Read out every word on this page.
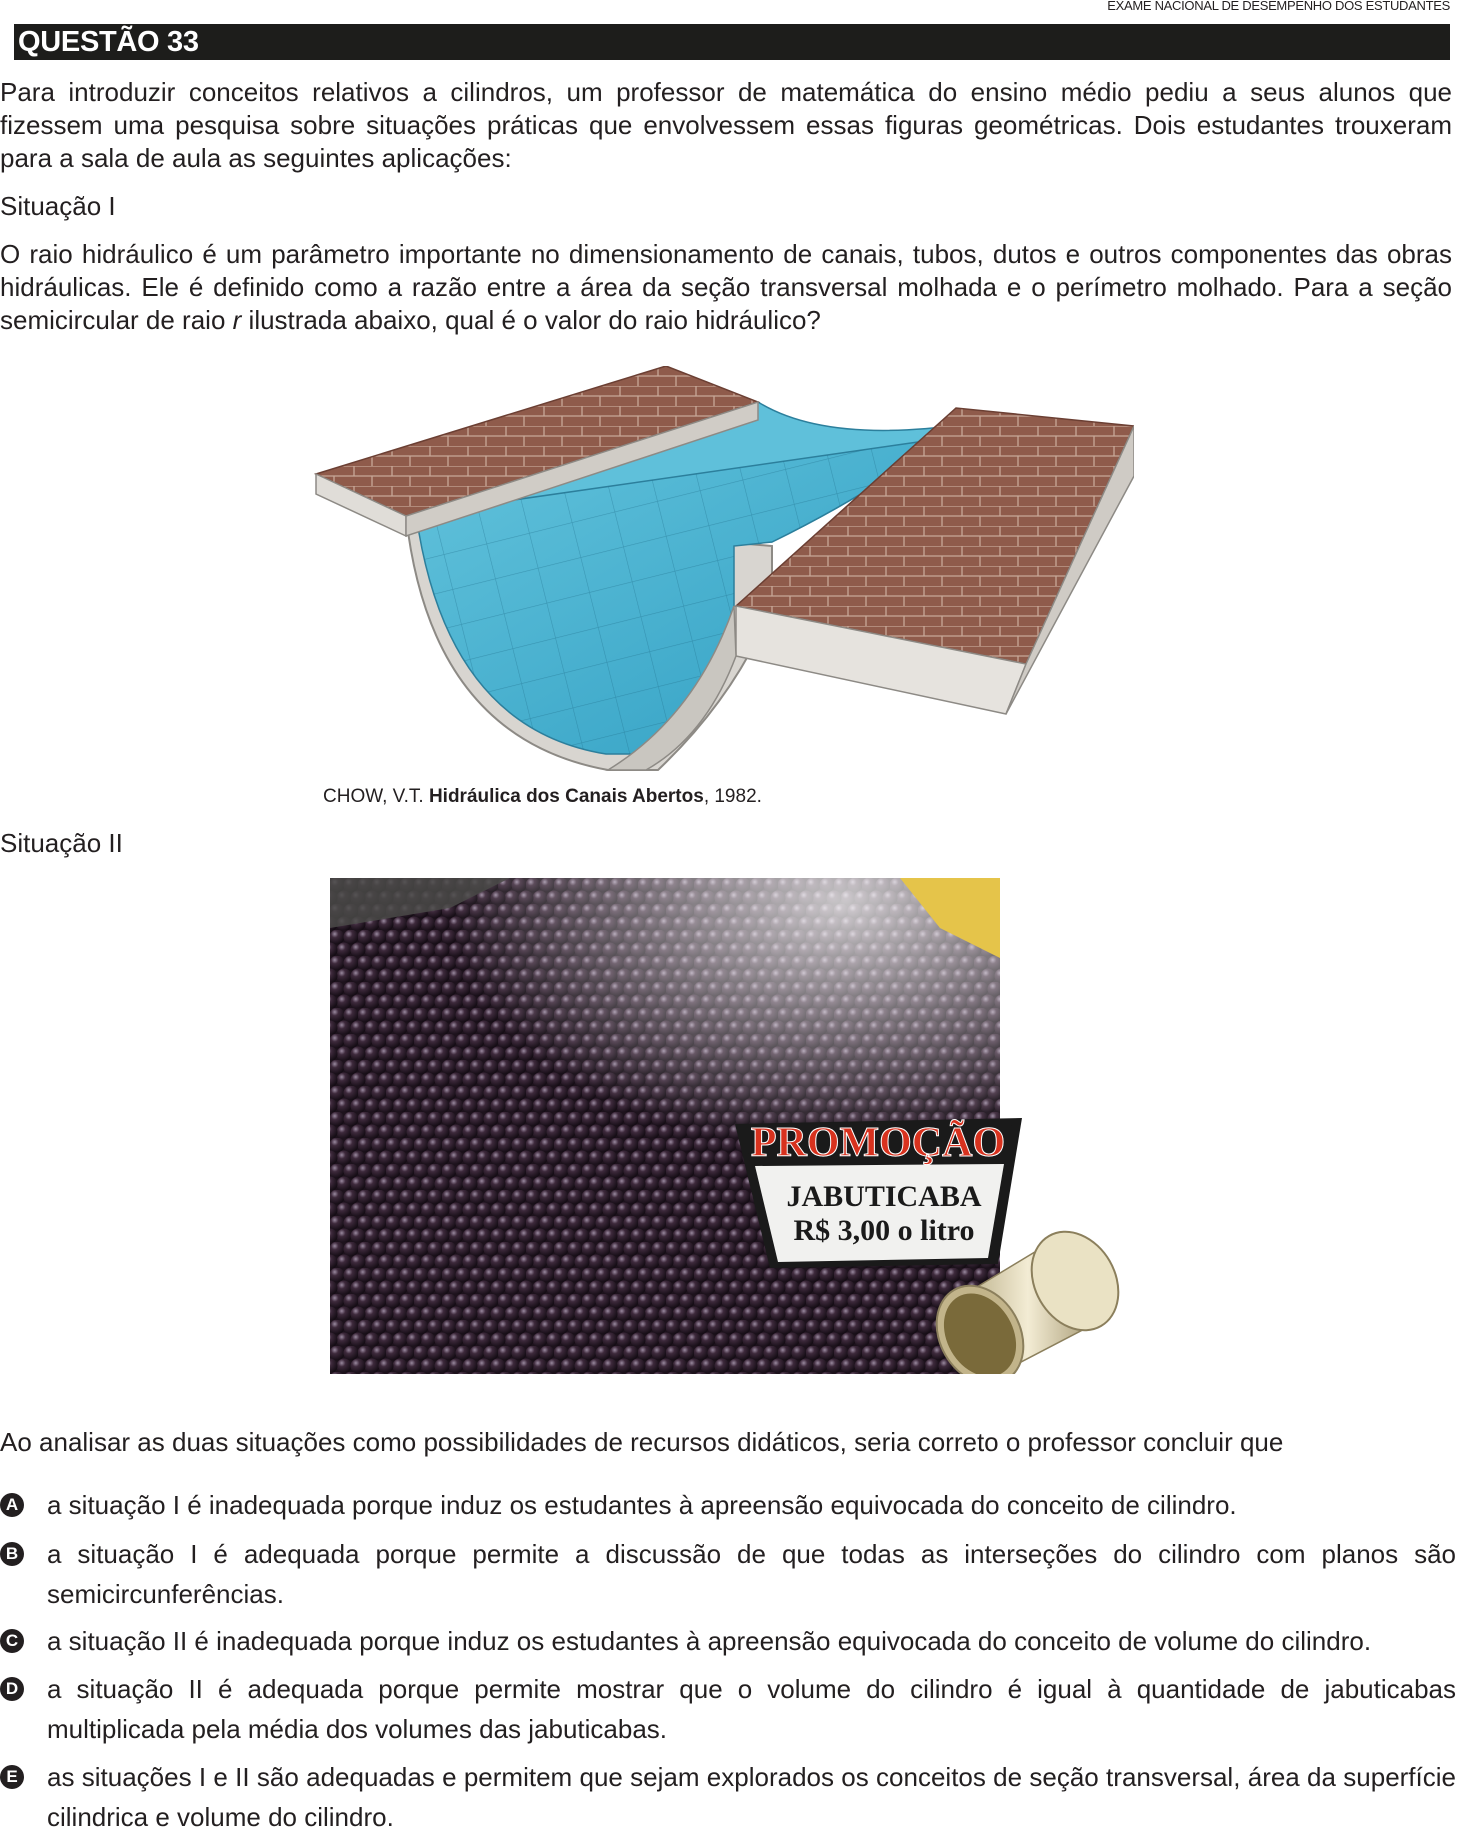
EXAME NACIONAL DE DESEMPENHO DOS ESTUDANTES
QUESTÃO 33

Para introduzir conceitos relativos a cilindros, um professor de matemática do ensino médio pediu a seus alunos que fizessem uma pesquisa sobre situações práticas que envolvessem essas figuras geométricas. Dois estudantes trouxeram para a sala de aula as seguintes aplicações:

Situação I

O raio hidráulico é um parâmetro importante no dimensionamento de canais, tubos, dutos e outros componentes das obras hidráulicas. Ele é definido como a razão entre a área da seção transversal molhada e o perímetro molhado. Para a seção semicircular de raio r ilustrada abaixo, qual é o valor do raio hidráulico?

CHOW, V.T. Hidráulica dos Canais Abertos, 1982.

Situação II

PROMOÇÃO
JABUTICABA
R$ 3,00 o litro

Ao analisar as duas situações como possibilidades de recursos didáticos, seria correto o professor concluir que

A a situação I é inadequada porque induz os estudantes à apreensão equivocada do conceito de cilindro.

B a situação I é adequada porque permite a discussão de que todas as interseções do cilindro com planos são semicircunferências.

C a situação II é inadequada porque induz os estudantes à apreensão equivocada do conceito de volume do cilindro.

D a situação II é adequada porque permite mostrar que o volume do cilindro é igual à quantidade de jabuticabas multiplicada pela média dos volumes das jabuticabas.

E as situações I e II são adequadas e permitem que sejam explorados os conceitos de seção transversal, área da superfície cilindrica e volume do cilindro.
